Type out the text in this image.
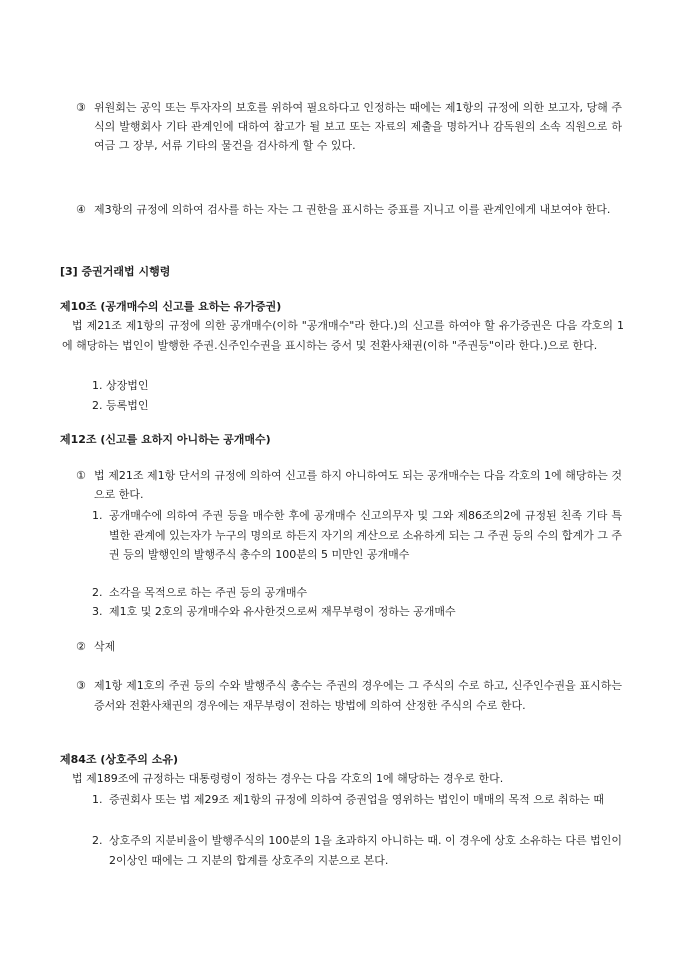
③ 위원회는 공익 또는 투자자의 보호를 위하여 필요하다고 인정하는 때에는 제1항의 규정에 의한 보고자, 당해 주식의 발행회사 기타 관계인에 대하여 참고가 될 보고 또는 자료의 제출을 명하거나 감독원의 소속 직원으로 하여금 그 장부, 서류 기타의 물건을 검사하게 할 수 있다.
④ 제3항의 규정에 의하여 검사를 하는 자는 그 권한을 표시하는 증표를 지니고 이를 관계인에게 내보여야 한다.
[3] 증권거래법 시행령
제10조 (공개매수의 신고를 요하는 유가증권)
법 제21조 제1항의 규정에 의한 공개매수(이하 "공개매수"라 한다.)의 신고를 하여야 할 유가증권은 다음 각호의 1에 해당하는 법인이 발행한 주권.신주인수권을 표시하는 증서 및 전환사채권(이하 "주권등"이라 한다.)으로 한다.
1. 상장법인
2. 등록법인
제12조 (신고를 요하지 아니하는 공개매수)
① 법 제21조 제1항 단서의 규정에 의하여 신고를 하지 아니하여도 되는 공개매수는 다음 각호의 1에 해당하는 것으로 한다.
1. 공개매수에 의하여 주권 등을 매수한 후에 공개매수 신고의무자 및 그와 제86조의2에 규정된 친족 기타 특별한 관계에 있는자가 누구의 명의로 하든지 자기의 계산으로 소유하게 되는 그 주권 등의 수의 합계가 그 주권 등의 발행인의 발행주식 총수의 100분의 5 미만인 공개매수
2. 소각을 목적으로 하는 주권 등의 공개매수
3. 제1호 및 2호의 공개매수와 유사한것으로써 재무부령이 정하는 공개매수
② 삭제
③ 제1항 제1호의 주권 등의 수와 발행주식 총수는 주권의 경우에는 그 주식의 수로 하고, 신주인수권을 표시하는 증서와 전환사채권의 경우에는 재무부령이 전하는 방법에 의하여 산정한 주식의 수로 한다.
제84조 (상호주의 소유)
법 제189조에 규정하는 대통령령이 정하는 경우는 다음 각호의 1에 해당하는 경우로 한다.
1. 증권회사 또는 법 제29조 제1항의 규정에 의하여 증권업을 영위하는 법인이 매매의 목적 으로 취하는 때
2. 상호주의 지분비율이 발행주식의 100분의 1을 초과하지 아니하는 때. 이 경우에 상호 소유하는 다른 법인이 2이상인 때에는 그 지분의 합계를 상호주의 지분으로 본다.
